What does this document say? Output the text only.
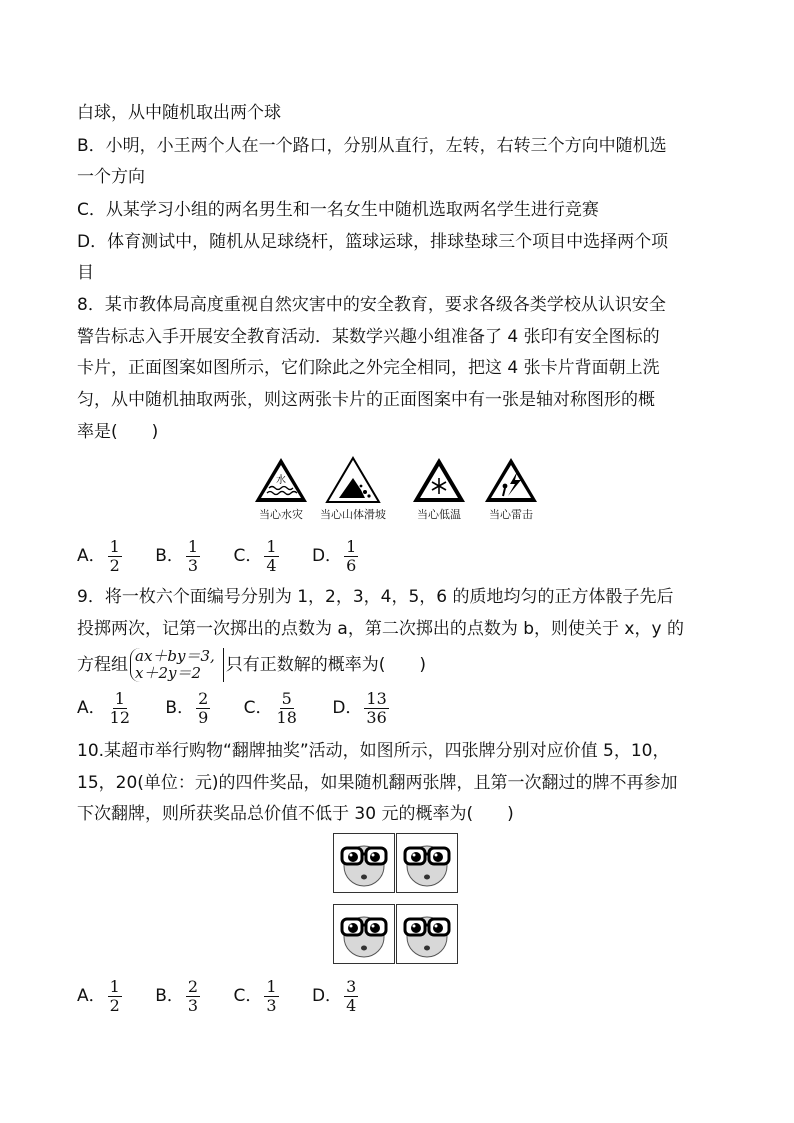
白球，从中随机取出两个球
B．小明，小王两个人在一个路口，分别从直行，左转，右转三个方向中随机选
一个方向
C．从某学习小组的两名男生和一名女生中随机选取两名学生进行竞赛
D．体育测试中，随机从足球绕杆，篮球运球，排球垫球三个项目中选择两个项
目
8．某市教体局高度重视自然灾害中的安全教育，要求各级各类学校从认识安全
警告标志入手开展安全教育活动．某数学兴趣小组准备了 4 张印有安全图标的
卡片，正面图案如图所示，它们除此之外完全相同，把这 4 张卡片背面朝上洗
匀，从中随机抽取两张，则这两张卡片的正面图案中有一张是轴对称图形的概
率是(　　)
水
当心水灾	当心山体滑坡	当心低温	当心雷击
A． $\frac{1}{2}$ B． $\frac{1}{3}$ C． $\frac{1}{4}$ D． $\frac{1}{6}$
9．将一枚六个面编号分别为 1，2，3，4，5，6 的质地均匀的正方体骰子先后
投掷两次，记第一次掷出的点数为 a，第二次掷出的点数为 b，则使关于 x，y 的
方程组 ax＋by＝3,
x＋2y＝2	只有正数解的概率为(　　)
A． $\frac{1}{12}$ B． $\frac{2}{9}$ C． $\frac{5}{18}$ D． $\frac{13}{36}$
10.某超市举行购物“翻牌抽奖”活动，如图所示，四张牌分别对应价值 5，10，
15，20(单位：元)的四件奖品，如果随机翻两张牌，且第一次翻过的牌不再参加
下次翻牌，则所获奖品总价值不低于 30 元的概率为(　　)
A． $\frac{1}{2}$ B． $\frac{2}{3}$ C． $\frac{1}{3}$ D． $\frac{3}{4}$
